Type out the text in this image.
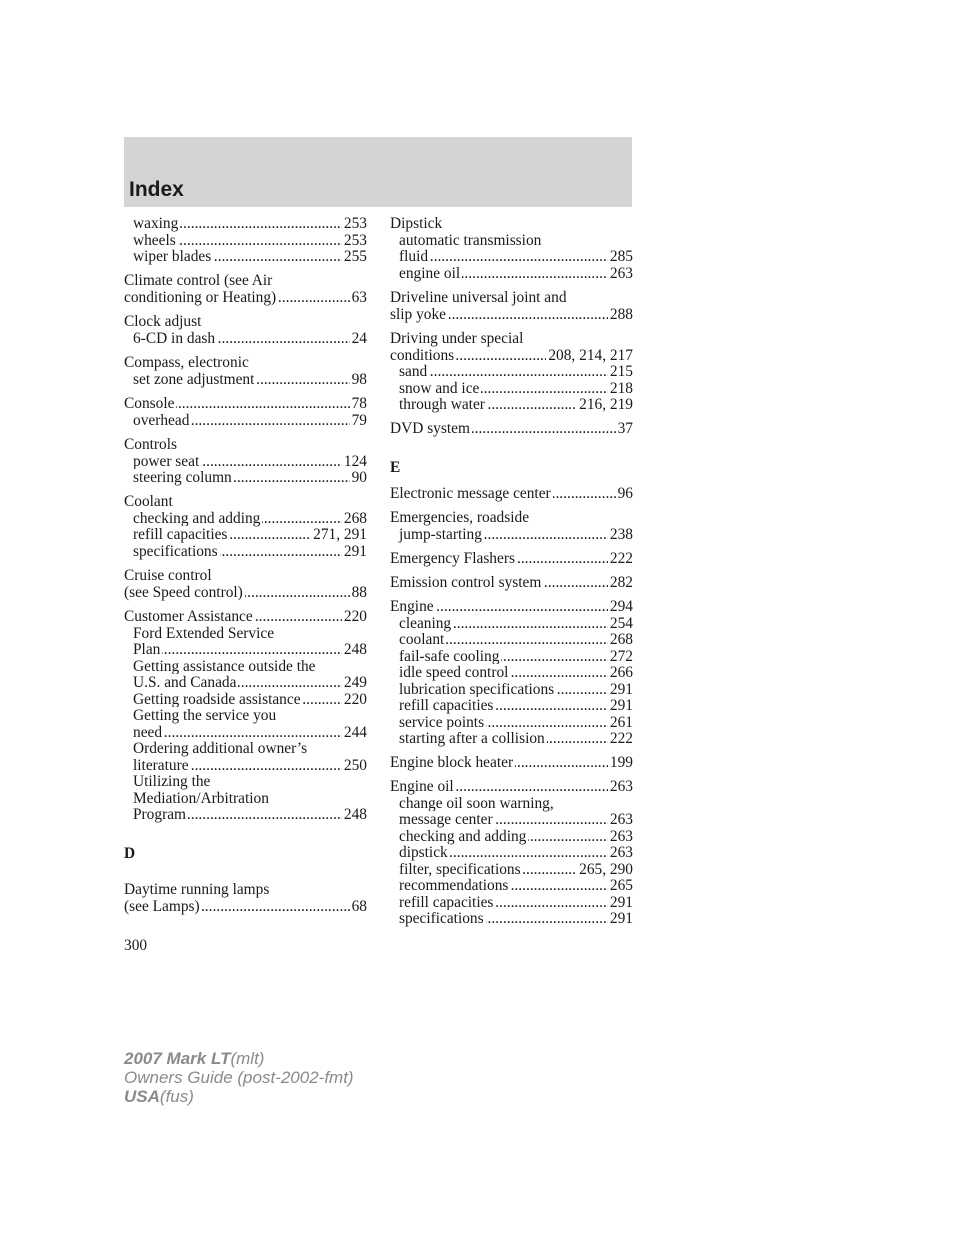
Index
.....
waxing	253
.....
wheels	253
.....
wiper blades	255
Climate control (see Air
.....
conditioning or Heating)	63
Clock adjust
.....
6-CD in dash	24
Compass, electronic
.....
set zone adjustment	98
.....
Console	78
.....
overhead	79
Controls
.....
power seat	124
.....
steering column	90
Coolant
.....
checking and adding	268
.....
refill capacities	271, 291
.....
specifications	291
Cruise control
.....
(see Speed control)	88
.....
Customer Assistance	220
Ford Extended Service
.....
Plan	248
Getting assistance outside the
.....
U.S. and Canada	249
.....
Getting roadside assistance	220
Getting the service you
.....
need	244
Ordering additional owner’s
.....
literature	250
Utilizing the
Mediation/Arbitration
.....
Program	248
D
Daytime running lamps
.....
(see Lamps)	68
Dipstick
automatic transmission
.....
fluid	285
.....
engine oil	263
Driveline universal joint and
.....
slip yoke	288
Driving under special
.....
conditions	208, 214, 217
.....
sand	215
.....
snow and ice	218
.....
through water	216, 219
.....
DVD system	37
E
.....
Electronic message center	96
Emergencies, roadside
.....
jump-starting	238
.....
Emergency Flashers	222
.....
Emission control system	282
.....
Engine	294
.....
cleaning	254
.....
coolant	268
.....
fail-safe cooling	272
.....
idle speed control	266
.....
lubrication specifications	291
.....
refill capacities	291
.....
service points	261
.....
starting after a collision	222
.....
Engine block heater	199
.....
Engine oil	263
change oil soon warning,
.....
message center	263
.....
checking and adding	263
.....
dipstick	263
.....
filter, specifications	265, 290
.....
recommendations	265
.....
refill capacities	291
.....
specifications	291
300
2007 Mark LT(mlt)
Owners Guide (post-2002-fmt)
USA(fus)
